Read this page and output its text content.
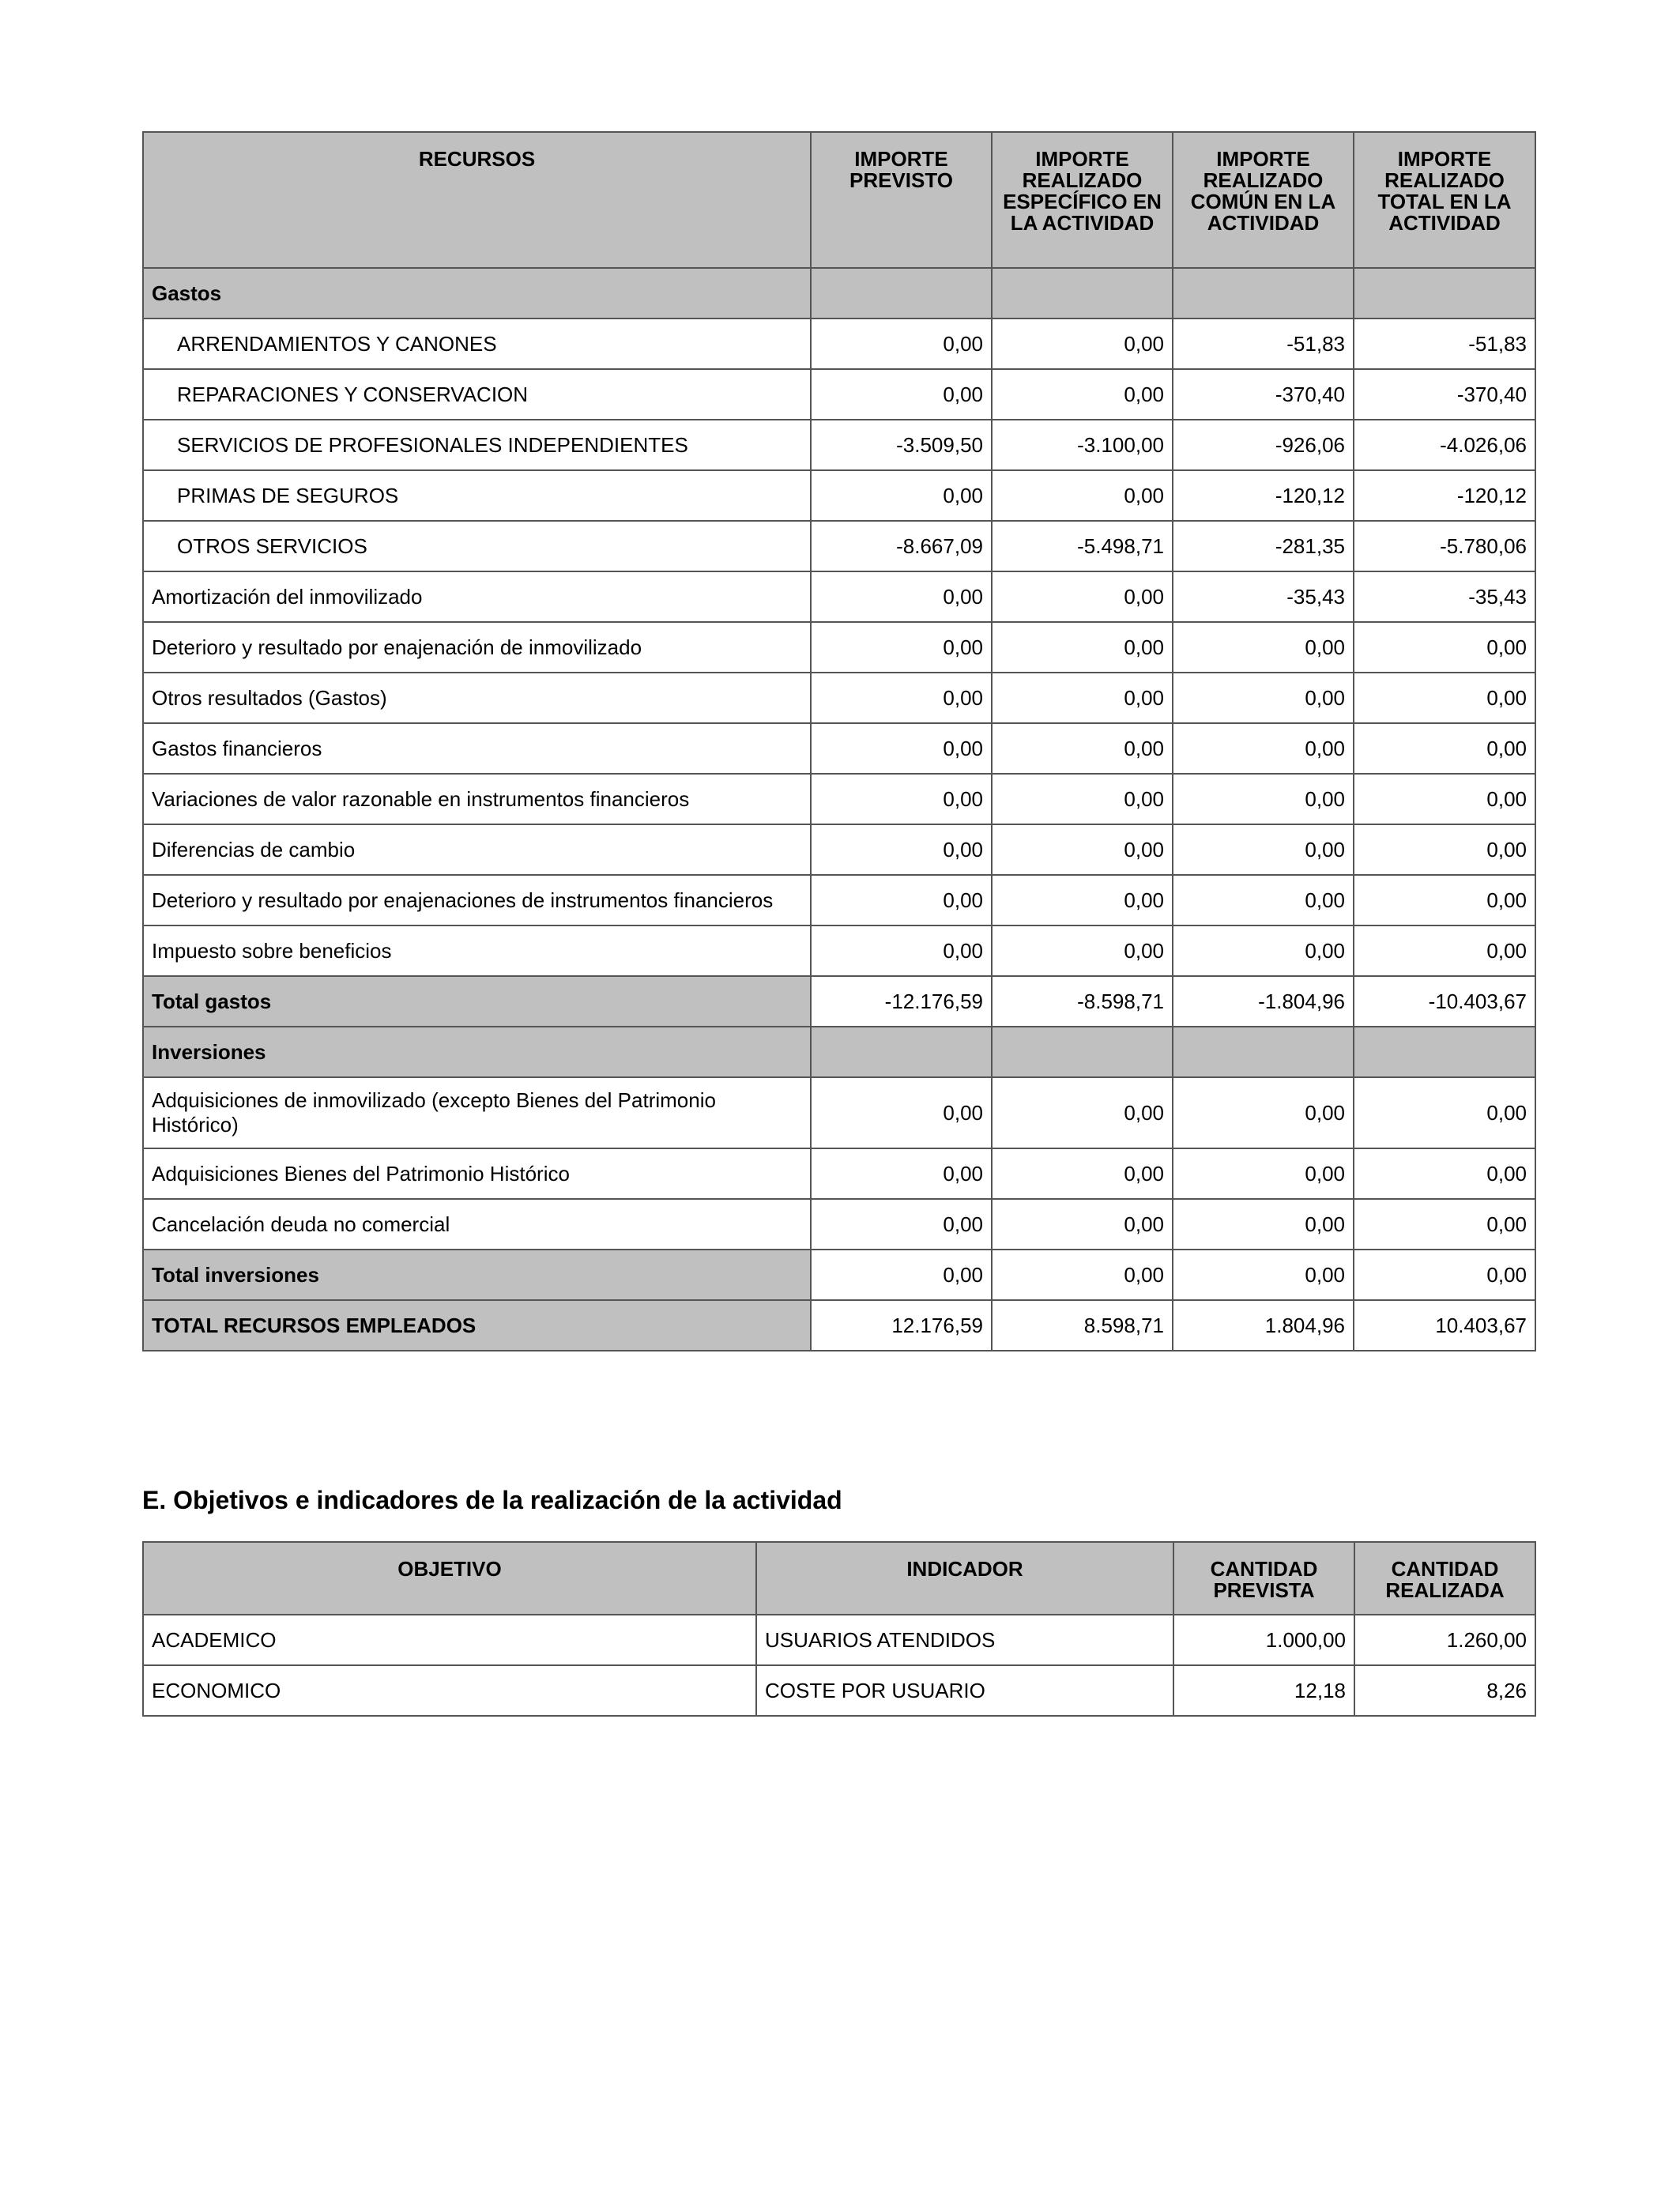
RECURSOS	IMPORTE PREVISTO	IMPORTE REALIZADO ESPECÍFICO EN LA ACTIVIDAD	IMPORTE REALIZADO COMÚN EN LA ACTIVIDAD	IMPORTE REALIZADO TOTAL EN LA ACTIVIDAD
Gastos				
ARRENDAMIENTOS Y CANONES	0,00	0,00	-51,83	-51,83
REPARACIONES Y CONSERVACION	0,00	0,00	-370,40	-370,40
SERVICIOS DE PROFESIONALES INDEPENDIENTES	-3.509,50	-3.100,00	-926,06	-4.026,06
PRIMAS DE SEGUROS	0,00	0,00	-120,12	-120,12
OTROS SERVICIOS	-8.667,09	-5.498,71	-281,35	-5.780,06
Amortización del inmovilizado	0,00	0,00	-35,43	-35,43
Deterioro y resultado por enajenación de inmovilizado	0,00	0,00	0,00	0,00
Otros resultados (Gastos)	0,00	0,00	0,00	0,00
Gastos financieros	0,00	0,00	0,00	0,00
Variaciones de valor razonable en instrumentos financieros	0,00	0,00	0,00	0,00
Diferencias de cambio	0,00	0,00	0,00	0,00
Deterioro y resultado por enajenaciones de instrumentos financieros	0,00	0,00	0,00	0,00
Impuesto sobre beneficios	0,00	0,00	0,00	0,00
Total gastos	-12.176,59	-8.598,71	-1.804,96	-10.403,67
Inversiones				
Adquisiciones de inmovilizado (excepto Bienes del Patrimonio Histórico)	0,00	0,00	0,00	0,00
Adquisiciones Bienes del Patrimonio Histórico	0,00	0,00	0,00	0,00
Cancelación deuda no comercial	0,00	0,00	0,00	0,00
Total inversiones	0,00	0,00	0,00	0,00
TOTAL RECURSOS EMPLEADOS	12.176,59	8.598,71	1.804,96	10.403,67
E. Objetivos e indicadores de la realización de la actividad
OBJETIVO	INDICADOR	CANTIDAD PREVISTA	CANTIDAD REALIZADA
ACADEMICO	USUARIOS ATENDIDOS	1.000,00	1.260,00
ECONOMICO	COSTE POR USUARIO	12,18	8,26
